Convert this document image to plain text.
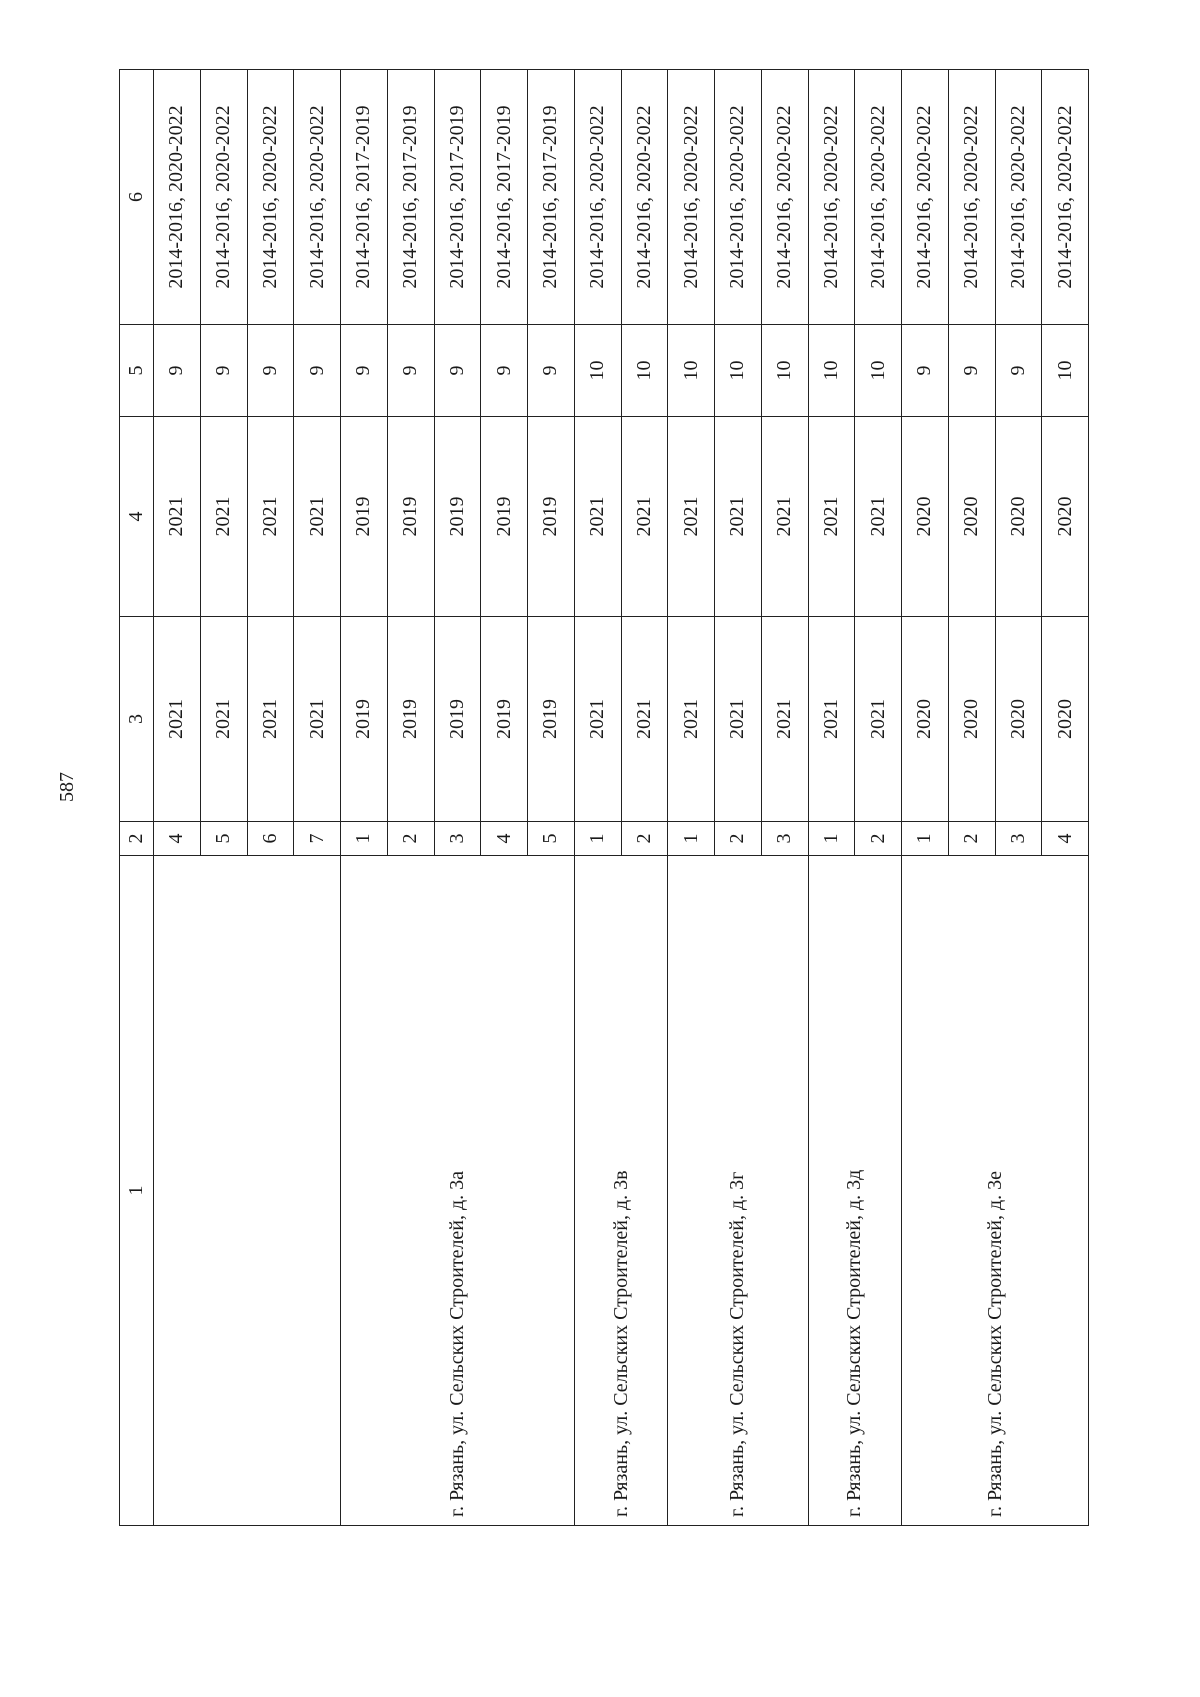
587
1	2	3	4	5	6
	4	2021	2021	9	2014-2016, 2020-2022
	5	2021	2021	9	2014-2016, 2020-2022
	6	2021	2021	9	2014-2016, 2020-2022
	7	2021	2021	9	2014-2016, 2020-2022
г. Рязань, ул. Сельских Строителей, д. 3а	1	2019	2019	9	2014-2016, 2017-2019
	2	2019	2019	9	2014-2016, 2017-2019
	3	2019	2019	9	2014-2016, 2017-2019
	4	2019	2019	9	2014-2016, 2017-2019
	5	2019	2019	9	2014-2016, 2017-2019
г. Рязань, ул. Сельских Строителей, д. 3в	1	2021	2021	10	2014-2016, 2020-2022
	2	2021	2021	10	2014-2016, 2020-2022
г. Рязань, ул. Сельских Строителей, д. 3г	1	2021	2021	10	2014-2016, 2020-2022
	2	2021	2021	10	2014-2016, 2020-2022
	3	2021	2021	10	2014-2016, 2020-2022
г. Рязань, ул. Сельских Строителей, д. 3д	1	2021	2021	10	2014-2016, 2020-2022
	2	2021	2021	10	2014-2016, 2020-2022
г. Рязань, ул. Сельских Строителей, д. 3е	1	2020	2020	9	2014-2016, 2020-2022
	2	2020	2020	9	2014-2016, 2020-2022
	3	2020	2020	9	2014-2016, 2020-2022
	4	2020	2020	10	2014-2016, 2020-2022
